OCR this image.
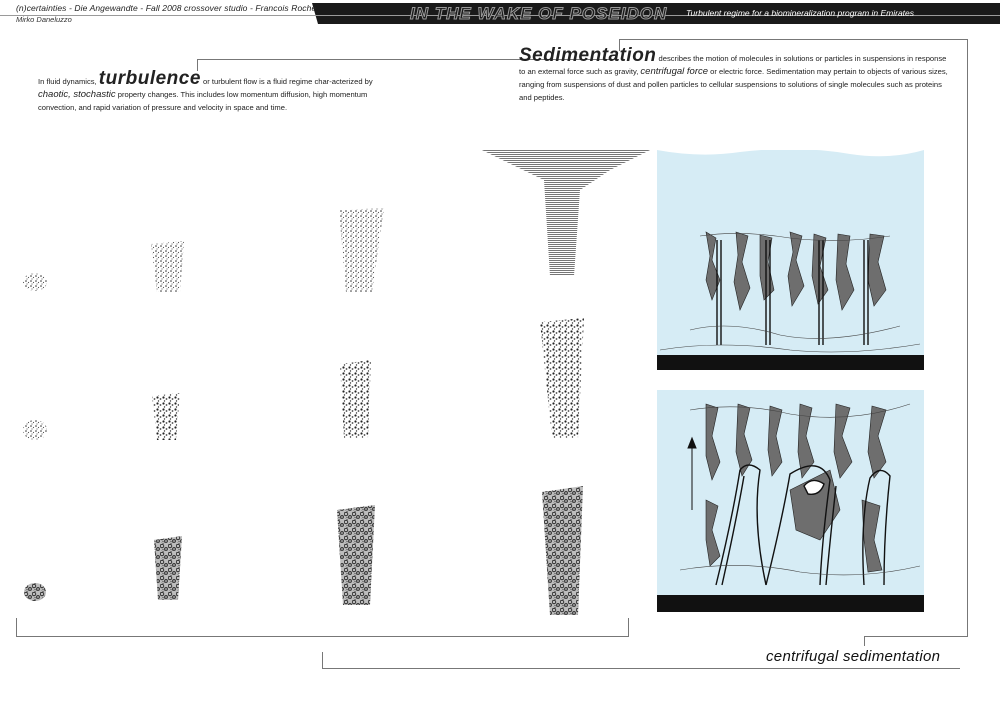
(n)certainties - Die Angewandte - Fall 2008 crossover studio - Francois Roche
Mirko Daneluzzo	IN THE WAKE OF POSEIDON Turbulent regime for a biomineralization program in Emirates
In fluid dynamics, turbulence or turbulent flow is a fluid regime char-acterized by chaotic, stochastic property changes. This includes low momentum diffusion, high momentum convection, and rapid variation of pressure and velocity in space and time.
Sedimentation describes the motion of molecules in solutions or particles in suspensions in response to an external force such as gravity, centrifugal force or electric force. Sedimentation may pertain to objects of various sizes, ranging from suspensions of dust and pollen particles to cellular suspensions to solutions of single molecules such as proteins and peptides.
centrifugal sedimentation
